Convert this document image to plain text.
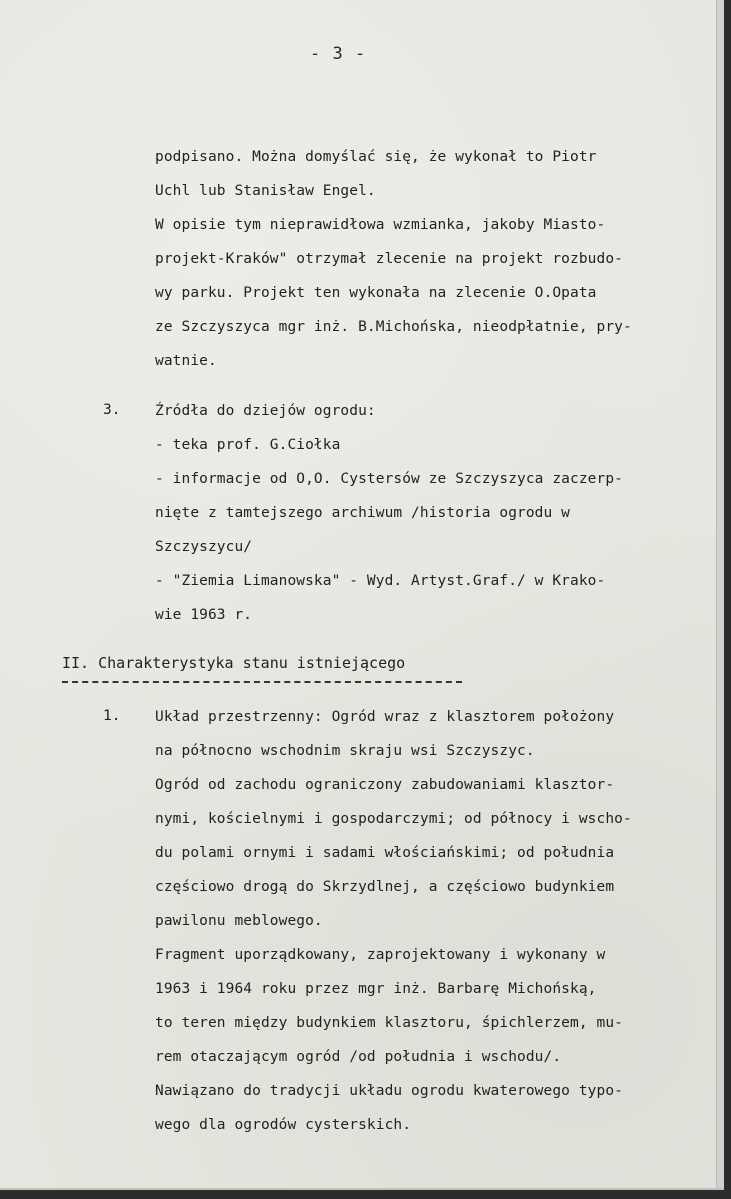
- 3 -
podpisano. Można domyślać się, że wykonał to Piotr
Uchl lub Stanisław Engel.
W opisie tym nieprawidłowa wzmianka, jakoby Miasto-
projekt-Kraków" otrzymał zlecenie na projekt rozbudo-
wy parku. Projekt ten wykonała na zlecenie O.Opata
ze Szczyszyca mgr inż. B.Michońska, nieodpłatnie, pry-
watnie.
3. Źródła do dziejów ogrodu:
- teka prof. G.Ciołka
- informacje od O,O. Cystersów ze Szczyszyca zaczerp-
nięte z tamtejszego archiwum /historia ogrodu w
Szczyszycu/
- "Ziemia Limanowska" - Wyd. Artyst.Graf./ w Krako-
wie 1963 r.
II. Charakterystyka stanu istniejącego
1. Układ przestrzenny: Ogród wraz z klasztorem położony
na północno wschodnim skraju wsi Szczyszyc.
Ogród od zachodu ograniczony zabudowaniami klasztor-
nymi, kościelnymi i gospodarczymi; od północy i wscho-
du polami ornymi i sadami włościańskimi; od południa
częściowo drogą do Skrzydlnej, a częściowo budynkiem
pawilonu meblowego.
Fragment uporządkowany, zaprojektowany i wykonany w
1963 i 1964 roku przez mgr inż. Barbarę Michońską,
to teren między budynkiem klasztoru, śpichlerzem, mu-
rem otaczającym ogród /od południa i wschodu/.
Nawiązano do tradycji układu ogrodu kwaterowego typo-
wego dla ogrodów cysterskich.
